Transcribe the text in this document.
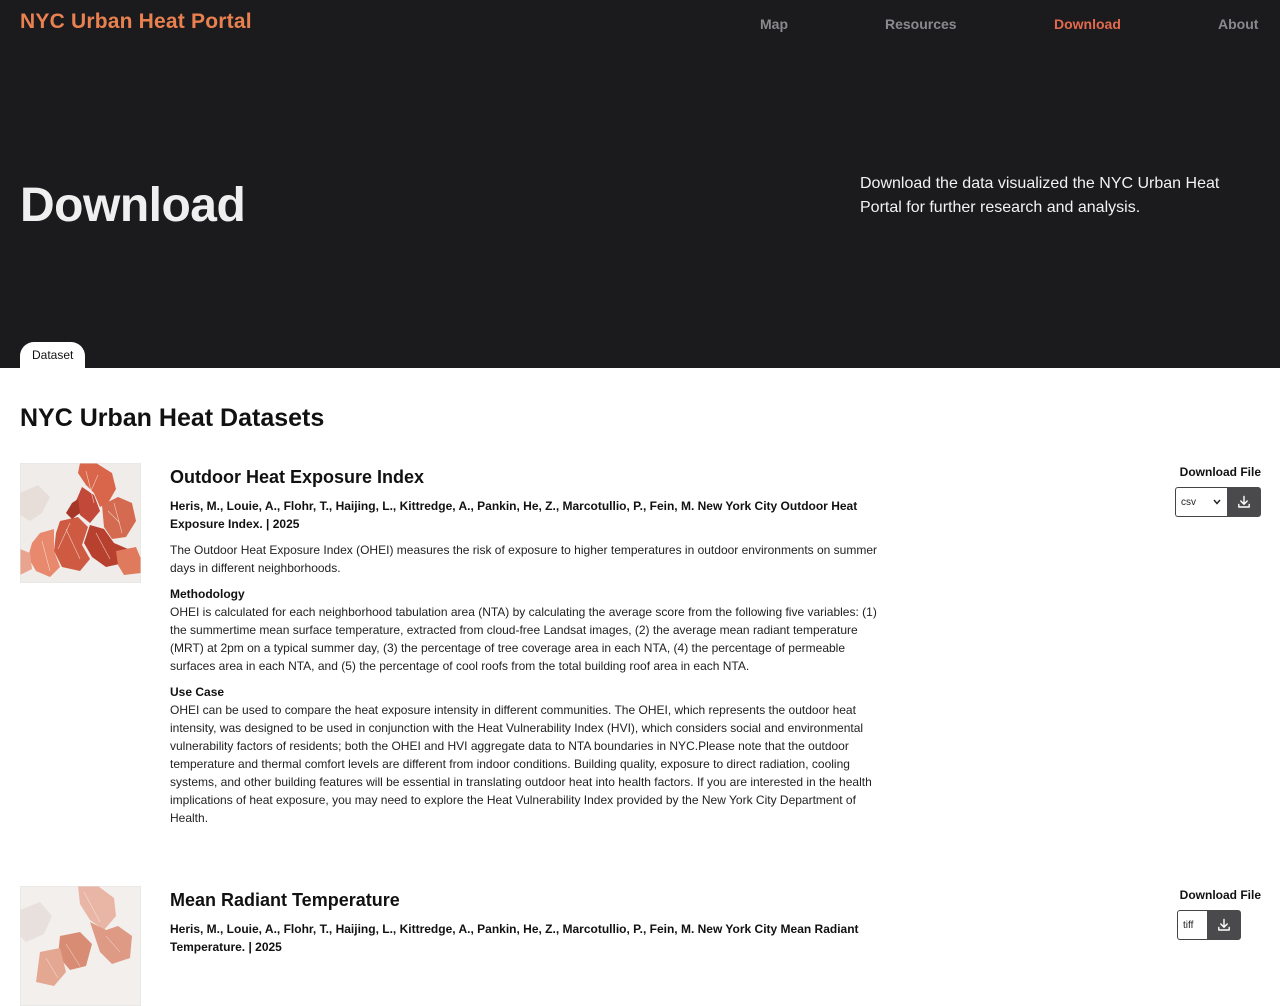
NYC Urban Heat Portal	Map	Resources	Download	About
Download	Download the data visualized the NYC Urban Heat Portal for further research and analysis.

Dataset
NYC Urban Heat Datasets
Outdoor Heat Exposure Index

Heris, M., Louie, A., Flohr, T., Haijing, L., Kittredge, A., Pankin, He, Z., Marcotullio, P., Fein, M. New York City Outdoor Heat Exposure Index. | 2025

The Outdoor Heat Exposure Index (OHEI) measures the risk of exposure to higher temperatures in outdoor environments on summer days in different neighborhoods.

Methodology

OHEI is calculated for each neighborhood tabulation area (NTA) by calculating the average score from the following five variables: (1) the summertime mean surface temperature, extracted from cloud-free Landsat images, (2) the average mean radiant temperature (MRT) at 2pm on a typical summer day, (3) the percentage of tree coverage area in each NTA, (4) the percentage of permeable surfaces area in each NTA, and (5) the percentage of cool roofs from the total building roof area in each NTA.

Use Case

OHEI can be used to compare the heat exposure intensity in different communities. The OHEI, which represents the outdoor heat intensity, was designed to be used in conjunction with the Heat Vulnerability Index (HVI), which considers social and environmental vulnerability factors of residents; both the OHEI and HVI aggregate data to NTA boundaries in NYC.Please note that the outdoor temperature and thermal comfort levels are different from indoor conditions. Building quality, exposure to direct radiation, cooling systems, and other building features will be essential in translating outdoor heat into health factors. If you are interested in the health implications of heat exposure, you may need to explore the Heat Vulnerability Index provided by the New York City Department of Health.

Download File
csv
Mean Radiant Temperature

Heris, M., Louie, A., Flohr, T., Haijing, L., Kittredge, A., Pankin, He, Z., Marcotullio, P., Fein, M. New York City Mean Radiant Temperature. | 2025

Download File
tiff
